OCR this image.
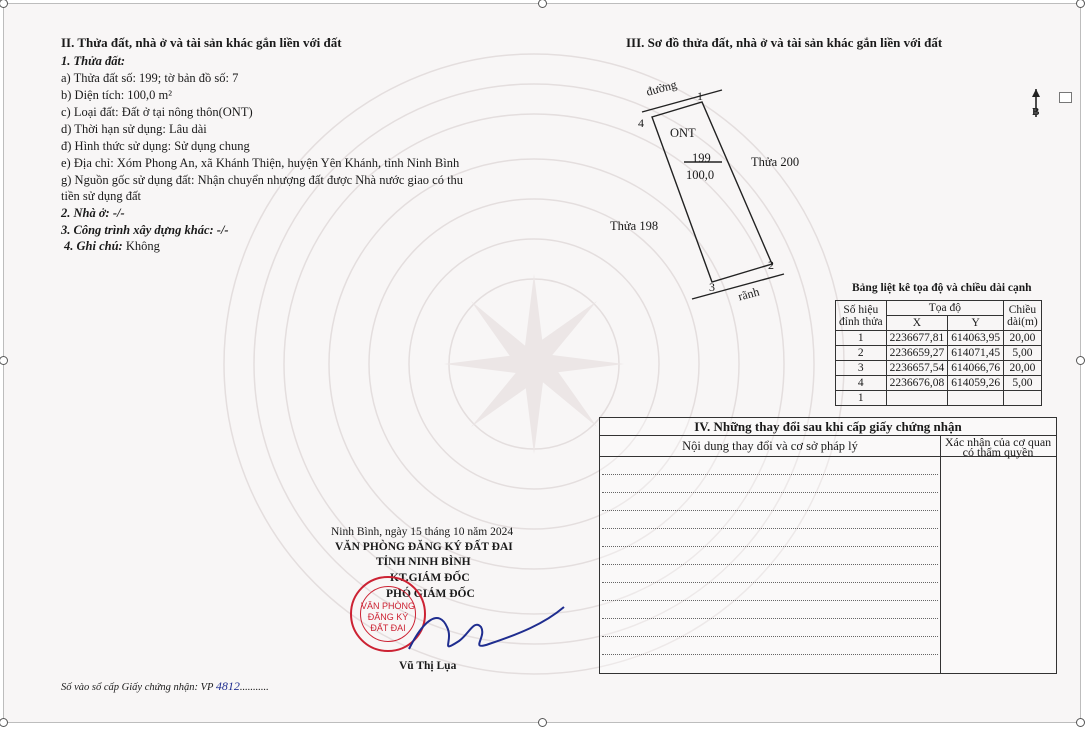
II. Thửa đất, nhà ở và tài sản khác gắn liền với đất
1. Thửa đất:
a) Thửa đất số: 199; tờ bản đồ số: 7
b) Diện tích: 100,0 m²
c) Loại đất: Đất ở tại nông thôn(ONT)
d) Thời hạn sử dụng: Lâu dài
đ) Hình thức sử dụng: Sử dụng chung
e) Địa chỉ: Xóm Phong An, xã Khánh Thiện, huyện Yên Khánh, tỉnh Ninh Bình
g) Nguồn gốc sử dụng đất: Nhận chuyển nhượng đất được Nhà nước giao có thu
tiền sử dụng đất
2. Nhà ở: -/-
3. Công trình xây dựng khác: -/-
4. Ghi chú: Không
III. Sơ đồ thửa đất, nhà ở và tài sản khác gắn liền với đất
đường
rãnh
1
2
3
4
ONT
199
100,0
Thửa 200
Thửa 198
B
Bảng liệt kê tọa độ và chiều dài cạnh
Số hiệu
đỉnh thửa	Tọa độ		Chiều
dài(m)
	X	Y	
1	2236677,81	614063,95	20,00
2	2236659,27	614071,45	5,00
3	2236657,54	614066,76	20,00
4	2236676,08	614059,26	5,00
1			
IV. Những thay đổi sau khi cấp giấy chứng nhận
Nội dung thay đổi và cơ sở pháp lý	Xác nhận của cơ quan
có thẩm quyền
Ninh Bình, ngày 15 tháng 10 năm 2024
VĂN PHÒNG ĐĂNG KÝ ĐẤT ĐAI
TỈNH NINH BÌNH
KT.GIÁM ĐỐC
PHÓ GIÁM ĐỐC
VĂN PHÒNG
ĐĂNG KÝ
ĐẤT ĐAI
Vũ Thị Lụa
Số vào sổ cấp Giấy chứng nhận: VP 4812...........
